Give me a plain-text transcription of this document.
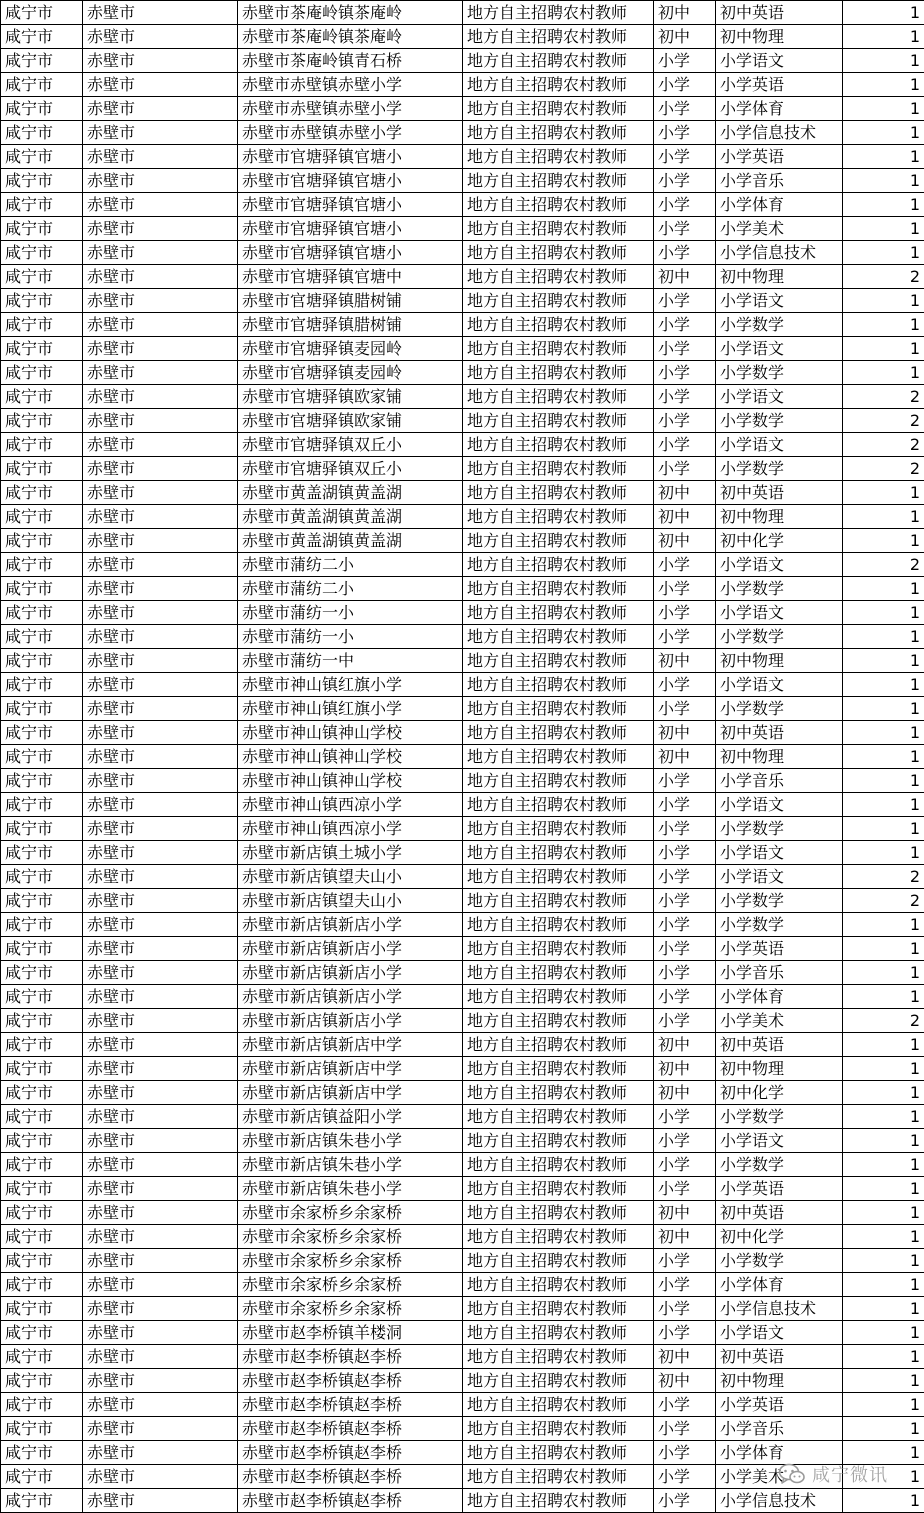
咸宁市	赤壁市	赤壁市茶庵岭镇茶庵岭	地方自主招聘农村教师	初中	初中英语	1
咸宁市	赤壁市	赤壁市茶庵岭镇茶庵岭	地方自主招聘农村教师	初中	初中物理	1
咸宁市	赤壁市	赤壁市茶庵岭镇青石桥	地方自主招聘农村教师	小学	小学语文	1
咸宁市	赤壁市	赤壁市赤壁镇赤壁小学	地方自主招聘农村教师	小学	小学英语	1
咸宁市	赤壁市	赤壁市赤壁镇赤壁小学	地方自主招聘农村教师	小学	小学体育	1
咸宁市	赤壁市	赤壁市赤壁镇赤壁小学	地方自主招聘农村教师	小学	小学信息技术	1
咸宁市	赤壁市	赤壁市官塘驿镇官塘小	地方自主招聘农村教师	小学	小学英语	1
咸宁市	赤壁市	赤壁市官塘驿镇官塘小	地方自主招聘农村教师	小学	小学音乐	1
咸宁市	赤壁市	赤壁市官塘驿镇官塘小	地方自主招聘农村教师	小学	小学体育	1
咸宁市	赤壁市	赤壁市官塘驿镇官塘小	地方自主招聘农村教师	小学	小学美术	1
咸宁市	赤壁市	赤壁市官塘驿镇官塘小	地方自主招聘农村教师	小学	小学信息技术	1
咸宁市	赤壁市	赤壁市官塘驿镇官塘中	地方自主招聘农村教师	初中	初中物理	2
咸宁市	赤壁市	赤壁市官塘驿镇腊树铺	地方自主招聘农村教师	小学	小学语文	1
咸宁市	赤壁市	赤壁市官塘驿镇腊树铺	地方自主招聘农村教师	小学	小学数学	1
咸宁市	赤壁市	赤壁市官塘驿镇麦园岭	地方自主招聘农村教师	小学	小学语文	1
咸宁市	赤壁市	赤壁市官塘驿镇麦园岭	地方自主招聘农村教师	小学	小学数学	1
咸宁市	赤壁市	赤壁市官塘驿镇欧家铺	地方自主招聘农村教师	小学	小学语文	2
咸宁市	赤壁市	赤壁市官塘驿镇欧家铺	地方自主招聘农村教师	小学	小学数学	2
咸宁市	赤壁市	赤壁市官塘驿镇双丘小	地方自主招聘农村教师	小学	小学语文	2
咸宁市	赤壁市	赤壁市官塘驿镇双丘小	地方自主招聘农村教师	小学	小学数学	2
咸宁市	赤壁市	赤壁市黄盖湖镇黄盖湖	地方自主招聘农村教师	初中	初中英语	1
咸宁市	赤壁市	赤壁市黄盖湖镇黄盖湖	地方自主招聘农村教师	初中	初中物理	1
咸宁市	赤壁市	赤壁市黄盖湖镇黄盖湖	地方自主招聘农村教师	初中	初中化学	1
咸宁市	赤壁市	赤壁市蒲纺二小	地方自主招聘农村教师	小学	小学语文	2
咸宁市	赤壁市	赤壁市蒲纺二小	地方自主招聘农村教师	小学	小学数学	1
咸宁市	赤壁市	赤壁市蒲纺一小	地方自主招聘农村教师	小学	小学语文	1
咸宁市	赤壁市	赤壁市蒲纺一小	地方自主招聘农村教师	小学	小学数学	1
咸宁市	赤壁市	赤壁市蒲纺一中	地方自主招聘农村教师	初中	初中物理	1
咸宁市	赤壁市	赤壁市神山镇红旗小学	地方自主招聘农村教师	小学	小学语文	1
咸宁市	赤壁市	赤壁市神山镇红旗小学	地方自主招聘农村教师	小学	小学数学	1
咸宁市	赤壁市	赤壁市神山镇神山学校	地方自主招聘农村教师	初中	初中英语	1
咸宁市	赤壁市	赤壁市神山镇神山学校	地方自主招聘农村教师	初中	初中物理	1
咸宁市	赤壁市	赤壁市神山镇神山学校	地方自主招聘农村教师	小学	小学音乐	1
咸宁市	赤壁市	赤壁市神山镇西凉小学	地方自主招聘农村教师	小学	小学语文	1
咸宁市	赤壁市	赤壁市神山镇西凉小学	地方自主招聘农村教师	小学	小学数学	1
咸宁市	赤壁市	赤壁市新店镇土城小学	地方自主招聘农村教师	小学	小学语文	1
咸宁市	赤壁市	赤壁市新店镇望夫山小	地方自主招聘农村教师	小学	小学语文	2
咸宁市	赤壁市	赤壁市新店镇望夫山小	地方自主招聘农村教师	小学	小学数学	2
咸宁市	赤壁市	赤壁市新店镇新店小学	地方自主招聘农村教师	小学	小学数学	1
咸宁市	赤壁市	赤壁市新店镇新店小学	地方自主招聘农村教师	小学	小学英语	1
咸宁市	赤壁市	赤壁市新店镇新店小学	地方自主招聘农村教师	小学	小学音乐	1
咸宁市	赤壁市	赤壁市新店镇新店小学	地方自主招聘农村教师	小学	小学体育	1
咸宁市	赤壁市	赤壁市新店镇新店小学	地方自主招聘农村教师	小学	小学美术	2
咸宁市	赤壁市	赤壁市新店镇新店中学	地方自主招聘农村教师	初中	初中英语	1
咸宁市	赤壁市	赤壁市新店镇新店中学	地方自主招聘农村教师	初中	初中物理	1
咸宁市	赤壁市	赤壁市新店镇新店中学	地方自主招聘农村教师	初中	初中化学	1
咸宁市	赤壁市	赤壁市新店镇益阳小学	地方自主招聘农村教师	小学	小学数学	1
咸宁市	赤壁市	赤壁市新店镇朱巷小学	地方自主招聘农村教师	小学	小学语文	1
咸宁市	赤壁市	赤壁市新店镇朱巷小学	地方自主招聘农村教师	小学	小学数学	1
咸宁市	赤壁市	赤壁市新店镇朱巷小学	地方自主招聘农村教师	小学	小学英语	1
咸宁市	赤壁市	赤壁市余家桥乡余家桥	地方自主招聘农村教师	初中	初中英语	1
咸宁市	赤壁市	赤壁市余家桥乡余家桥	地方自主招聘农村教师	初中	初中化学	1
咸宁市	赤壁市	赤壁市余家桥乡余家桥	地方自主招聘农村教师	小学	小学数学	1
咸宁市	赤壁市	赤壁市余家桥乡余家桥	地方自主招聘农村教师	小学	小学体育	1
咸宁市	赤壁市	赤壁市余家桥乡余家桥	地方自主招聘农村教师	小学	小学信息技术	1
咸宁市	赤壁市	赤壁市赵李桥镇羊楼洞	地方自主招聘农村教师	小学	小学语文	1
咸宁市	赤壁市	赤壁市赵李桥镇赵李桥	地方自主招聘农村教师	初中	初中英语	1
咸宁市	赤壁市	赤壁市赵李桥镇赵李桥	地方自主招聘农村教师	初中	初中物理	1
咸宁市	赤壁市	赤壁市赵李桥镇赵李桥	地方自主招聘农村教师	小学	小学英语	1
咸宁市	赤壁市	赤壁市赵李桥镇赵李桥	地方自主招聘农村教师	小学	小学音乐	1
咸宁市	赤壁市	赤壁市赵李桥镇赵李桥	地方自主招聘农村教师	小学	小学体育	1
咸宁市	赤壁市	赤壁市赵李桥镇赵李桥	地方自主招聘农村教师	小学	小学美术	1
咸宁市	赤壁市	赤壁市赵李桥镇赵李桥	地方自主招聘农村教师	小学	小学信息技术	1
咸宁微讯
